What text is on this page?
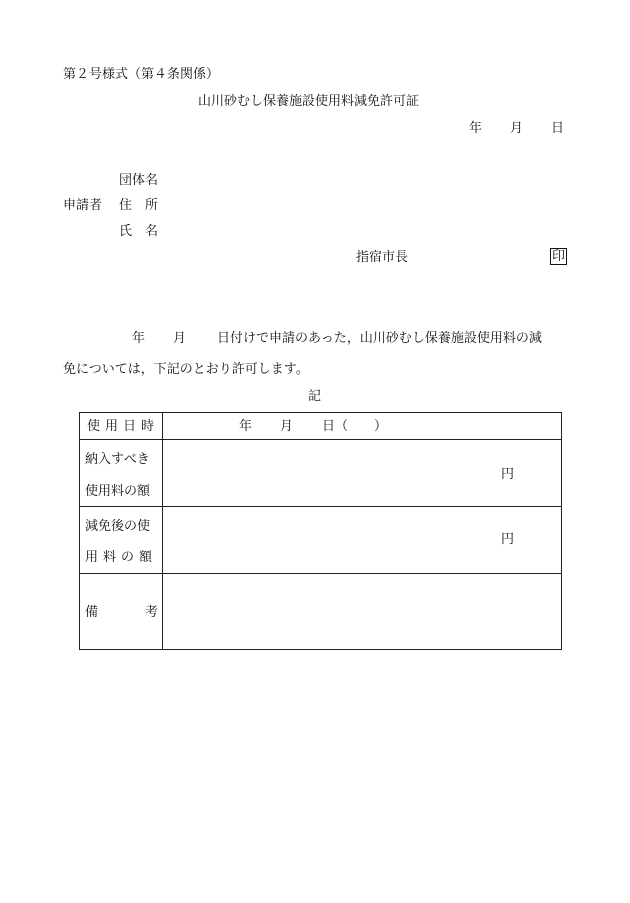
第２号様式（第４条関係）
山川砂むし保養施設使用料減免許可証
年 月 日
団体名
申請者 住　所
氏　名
指宿市長	印
年 月 日付けで申請のあった，山川砂むし保養施設使用料の減
免については，下記のとおり許可します。
記
使用日時	年 月 日（　　）

納入すべき
使用料の額	円

減免後の使
用料の額	円

備 考	
